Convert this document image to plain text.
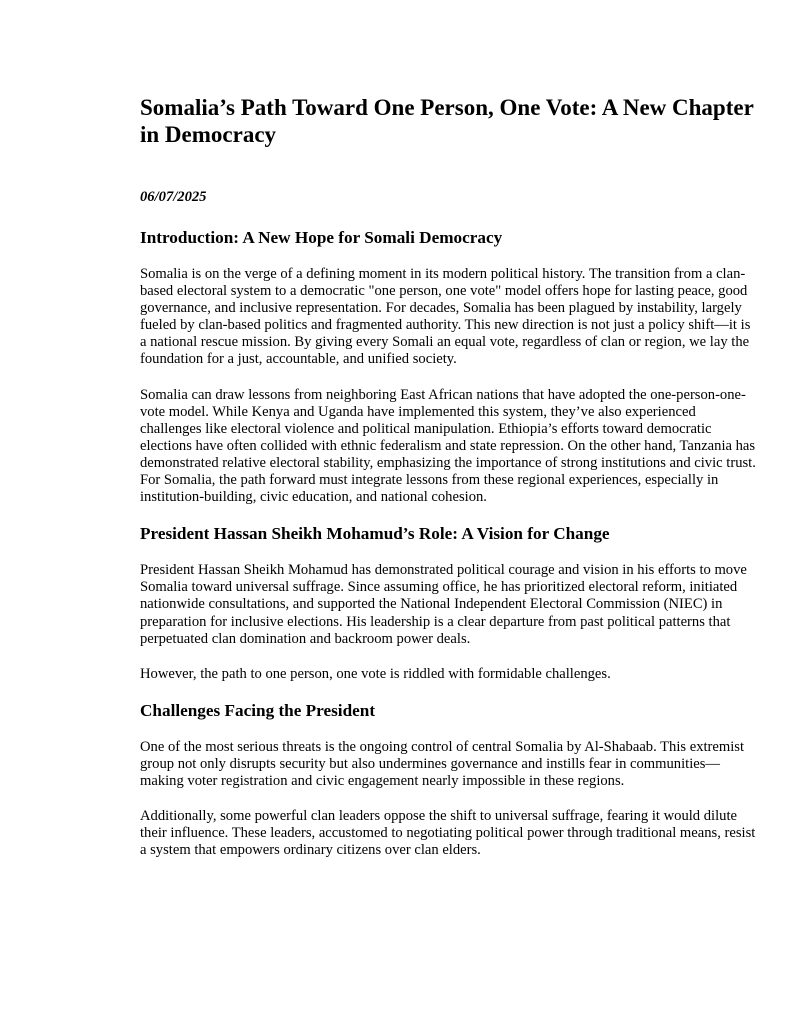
Somalia’s Path Toward One Person, One Vote: A New Chapter in Democracy
06/07/2025
Introduction: A New Hope for Somali Democracy

Somalia is on the verge of a defining moment in its modern political history. The transition from a clan-based electoral system to a democratic "one person, one vote" model offers hope for lasting peace, good governance, and inclusive representation. For decades, Somalia has been plagued by instability, largely fueled by clan-based politics and fragmented authority. This new direction is not just a policy shift—it is a national rescue mission. By giving every Somali an equal vote, regardless of clan or region, we lay the foundation for a just, accountable, and unified society.

Somalia can draw lessons from neighboring East African nations that have adopted the one-person-one-vote model. While Kenya and Uganda have implemented this system, they’ve also experienced challenges like electoral violence and political manipulation. Ethiopia’s efforts toward democratic elections have often collided with ethnic federalism and state repression. On the other hand, Tanzania has demonstrated relative electoral stability, emphasizing the importance of strong institutions and civic trust. For Somalia, the path forward must integrate lessons from these regional experiences, especially in institution-building, civic education, and national cohesion.

President Hassan Sheikh Mohamud’s Role: A Vision for Change

President Hassan Sheikh Mohamud has demonstrated political courage and vision in his efforts to move Somalia toward universal suffrage. Since assuming office, he has prioritized electoral reform, initiated nationwide consultations, and supported the National Independent Electoral Commission (NIEC) in preparation for inclusive elections. His leadership is a clear departure from past political patterns that perpetuated clan domination and backroom power deals.

However, the path to one person, one vote is riddled with formidable challenges.

Challenges Facing the President

One of the most serious threats is the ongoing control of central Somalia by Al-Shabaab. This extremist group not only disrupts security but also undermines governance and instills fear in communities—making voter registration and civic engagement nearly impossible in these regions.

Additionally, some powerful clan leaders oppose the shift to universal suffrage, fearing it would dilute their influence. These leaders, accustomed to negotiating political power through traditional means, resist a system that empowers ordinary citizens over clan elders.
